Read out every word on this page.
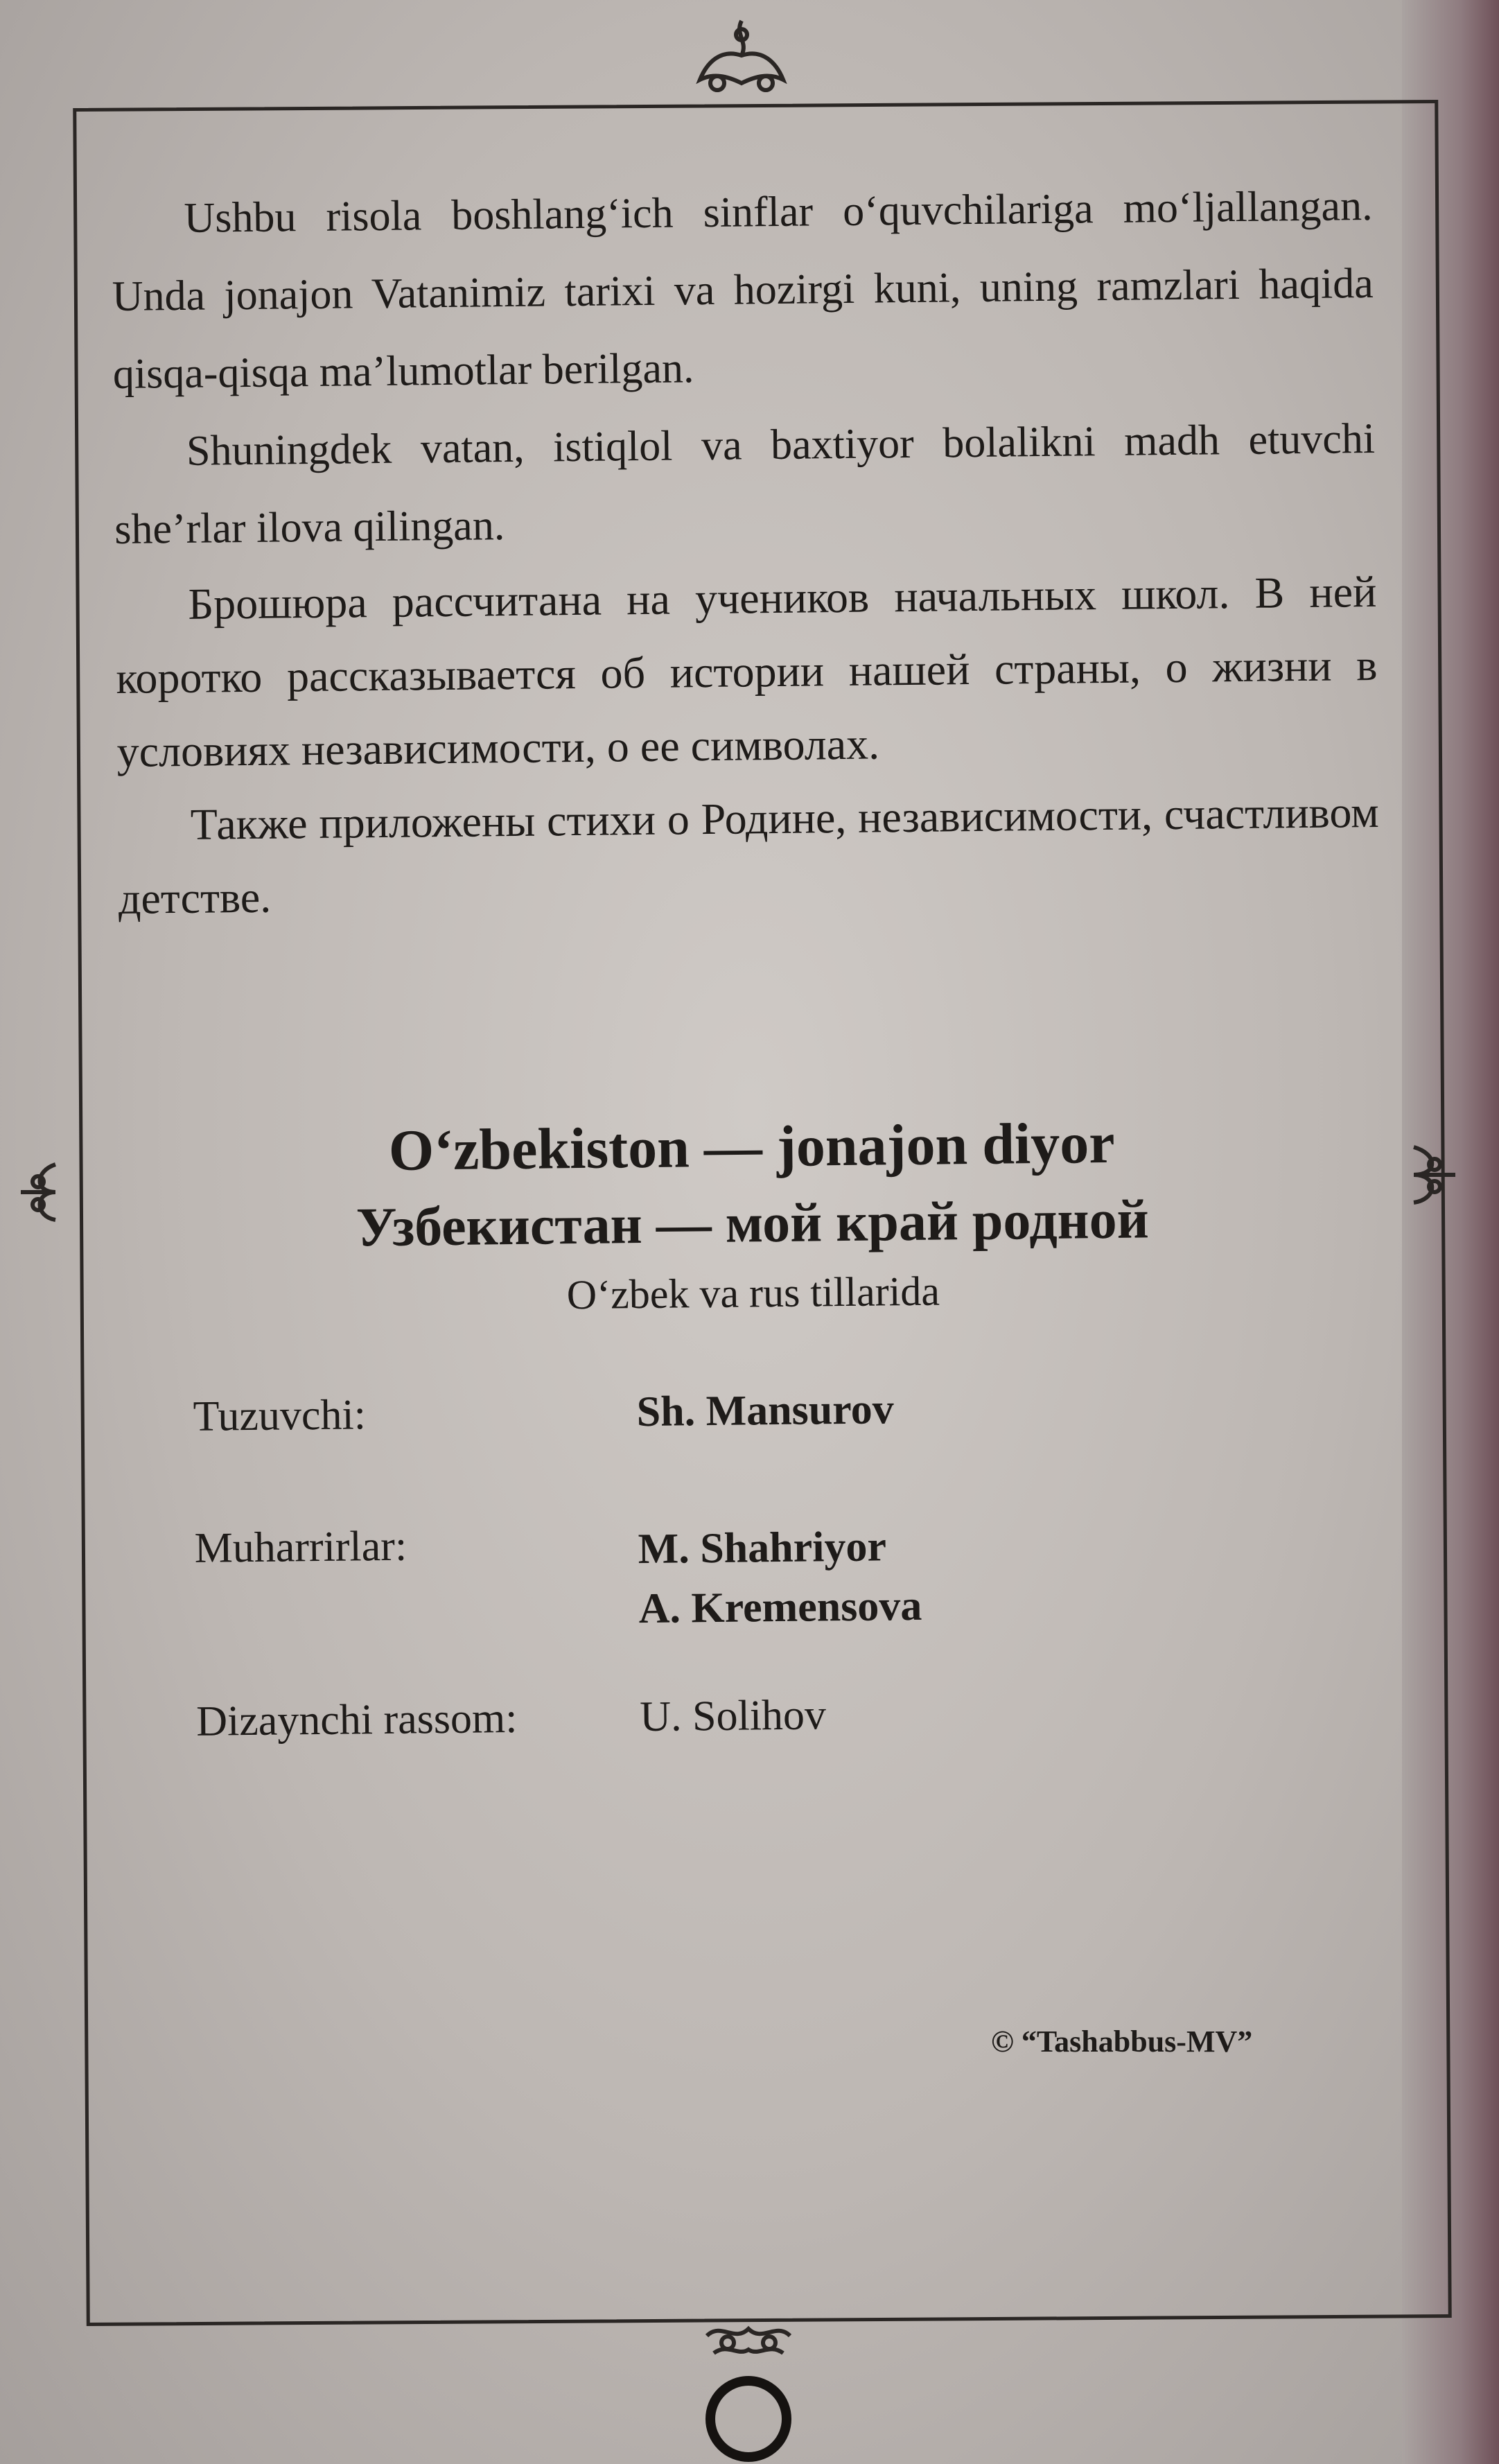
Ushbu risola boshlang‘ich sinflar o‘quvchilariga mo‘ljallangan. Unda jonajon Vatanimiz tarixi va hozirgi kuni, uning ramzlari haqida qisqa-qisqa ma’lumotlar berilgan.

Shuningdek vatan, istiqlol va baxtiyor bolalikni madh etuvchi she’rlar ilova qilingan.

Брошюра рассчитана на учеников начальных школ. В ней коротко рассказывается об истории нашей страны, о жизни в условиях независимости, о ее символах.

Также приложены стихи о Родине, независимости, счастливом детстве.

O‘zbekiston — jonajon diyor

Узбекистан — мой край родной

O‘zbek va rus tillarida

Tuzuvchi:	Sh. Mansurov
Muharrirlar:	M. Shahriyor
A. Kremensova
Dizaynchi rassom:	U. Solihov
© “Tashabbus-MV”
